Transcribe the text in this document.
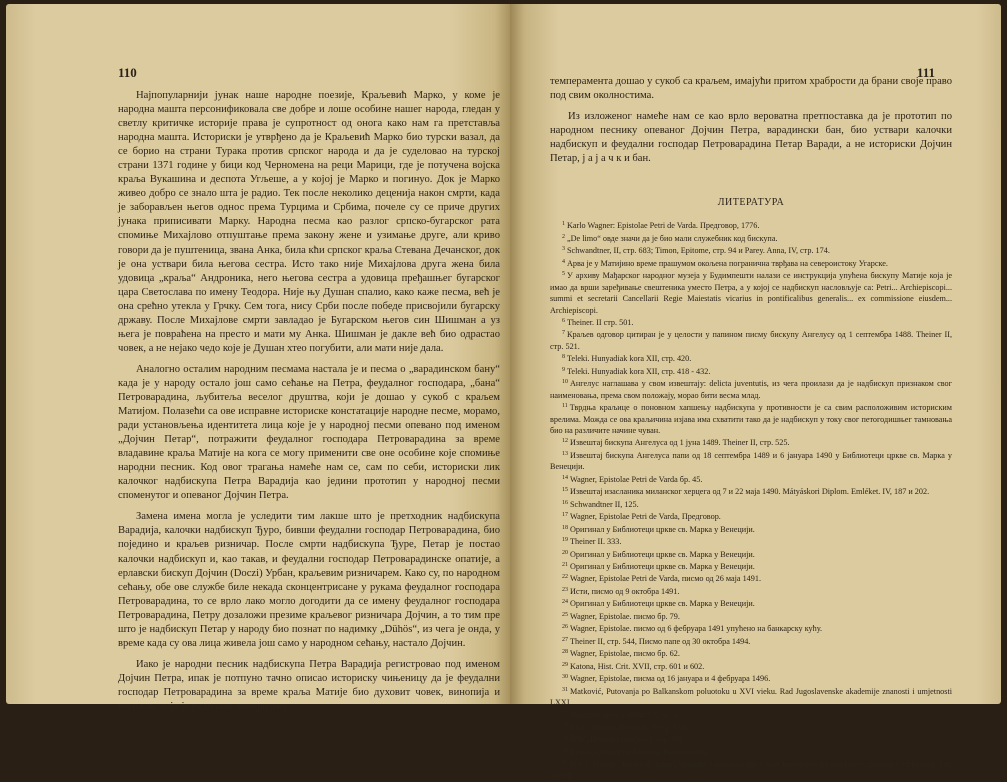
110

Најпопуларнији јунак наше народне поезије, Краљевић Марко, у коме је народна машта персонификовала све добре и лоше особине нашег народа, гледан у светлу критичке историје права је супротност од онога како нам га претставља народна машта. Историски је утврђено да је Краљевић Марко био турски вазал, да се борио на страни Турака против српског народа и да је суделовао на турској страни 1371 године у бици код Черномена на реци Марици, где је потучена војска краља Вукашина и деспота Угљеше, а у којој је Марко и погинуо. Док је Марко живео добро се знало шта је радио. Тек после неколико деценија након смрти, када је заборављен његов однос према Турцима и Србима, почеле су се приче других јунака приписивати Марку. Народна песма као разлог српско-бугарског рата спомиње Михајлово отпуштање према закону жене и узимање друге, али криво говори да је пуштеница, звана Анка, била кћи српског краља Стевана Дечанског, док је она уствари била његова сестра. Исто тако није Михајлова друга жена била удовица „краља“ Андроника, него његова сестра а удовица пређашњег бугарског цара Светослава по имену Теодора. Није њу Душан спалио, како каже песма, већ је она срећно утекла у Грчку. Сем тога, нису Срби после победе присвојили бугарску државу. После Михајлове смрти завладао је Бугарском његов син Шишман а уз њега је повраћена на престо и мати му Анка. Шишман је дакле већ био одрастао човек, а не нејако чедо које је Душан хтео погубити, али мати није дала.

Аналогно осталим народним песмама настала је и песма о „варадинском бану“ када је у народу остало још само сећање на Петра, феудалног господара, „бана“ Петроварадина, љубитеља веселог друштва, који је дошао у сукоб с краљем Матијом. Полазећи са ове исправне историске констатације народне песме, морамо, ради установљења идентитета лица које је у народној песми опевано под именом „Дојчин Петар“, потражити феудалног господара Петроварадина за време владавине краља Матије на кога се могу применити све оне особине које спомиње народни песник. Код овог трагања намеће нам се, сам по себи, историски лик калочког надбискупа Петра Варадија као једини прототип у народној песми споменутог и опеваног Дојчин Петра.

Замена имена могла је уследити тим лакше што је претходник надбискупа Варадија, калочки надбискуп Ђуро, бивши феудални господар Петроварадина, био поједино и краљев ризничар. После смрти надбискупа Ђуре, Петар је постао калочки надбискуп и, као такав, и феудални господар Петроварадинске опатије, а ерлавски бискуп Дојчин (Doczi) Урбан, краљевим ризничарем. Како су, по народном сећању, обе ове службе биле некада сконцентрисане у рукама феудалног господара Петроварадина, то се врло лако могло догодити да се имену феудалног господара Петроварадина, Петру дозаложи презиме краљевог ризничара Дојчин, а то тим пре што је надбискуп Петар у народу био познат по надимку „Dühös“, из чега је онда, у време када су ова лица живела још само у народном сећању, настало Дојчин.

Иако је народни песник надбискупа Петра Варадија регистровао под именом Дојчин Петра, ипак је потпуно тачно описао историску чињеницу да је феудални господар Петроварадина за време краља Матије био духовит човек, винопија и весељак, који је ради свог колеричног

111

темперамента дошао у сукоб са краљем, имајући притом храбрости да брани своје право под свим околностима.

Из изложеног намеће нам се као врло вероватна претпоставка да је прототип по народном песнику опеваног Дојчин Петра, варадински бан, био уствари калочки надбискуп и феудални господар Петроварадина Петар Варади, а не историски Дојчин Петар, ј а ј а ч к и бан.

ЛИТЕРАТУРА
$^1$ Karlo Wagner: Epistolae Petri de Varda. Предговор, 1776.
$^2$ „De limo“ овде значи да је био мали служебник код бискупа.
$^3$ Schwandtner, II, стр. 683; Timon, Epitome, стр. 94 и Parey. Anna, IV, стр. 174.
$^4$ Арва је у Матијино време прашумом окољена погранична тврђава на североистоку Угарске.
$^5$ У архиву Мађарског народног музеја у Будимпешти налази се инструкција упућена бискупу Матије која је имао да врши заређивање свештеника уместо Петра, а у којој се надбискуп насловљује са: Petri... Archiepiscopi... summi et secretarii Cancellarii Regie Maiestatis vicarius in pontificalibus generalis... ex commissione eiusdem... Archiepiscopi.
$^6$ Theiner. II стр. 501.
$^7$ Краљев одговор цитиран је у целости у папином писму бискупу Ангелусу од 1 септембра 1488. Theiner II, стр. 521.
$^8$ Teleki. Hunyadiak kora XII, стр. 420.
$^9$ Teleki. Hunyadiak kora XII, стр. 418 - 432.
$^{10}$ Ангелус наглашава у свом извештају: delicta juventutis, из чега проилази да је надбискуп признаком свог наименовања, према свом положају, морао бити весма млад.
$^{11}$ Тврдња краљице о поновном хапшењу надбискупа у противности је са свим расположивим историским врелима. Можда се ова краљичина изјава има схватити тако да је надбискуп у току свог петогодишњег тамновања био на различите начине чуван.
$^{12}$ Извештај бискупа Ангелуса од 1 јуна 1489. Theiner II, стр. 525.
$^{13}$ Извештај бискупа Ангелуса папи од 18 септембра 1489 и 6 јануара 1490 у Библиотеци цркве св. Марка у Венецији.
$^{14}$ Wagner, Epistolae Petri de Varda бр. 45.
$^{15}$ Извештај изасланика миланског херцега од 7 и 22 маја 1490. Mátyáskori Diplom. Emléket. IV, 187 и 202.
$^{16}$ Schwandtner II, 125.
$^{17}$ Wagner, Epistolae Petri de Varda, Предговор.
$^{18}$ Оригинал у Библиотеци цркве св. Марка у Венецији.
$^{19}$ Theiner II. 333.
$^{20}$ Оригинал у Библиотеци цркве св. Марка у Венецији.
$^{21}$ Оригинал у Библиотеци цркве св. Марка у Венецији.
$^{22}$ Wagner, Epistolae Petri de Varda, писмо од 26 маја 1491.
$^{23}$ Исти, писмо од 9 октобра 1491.
$^{24}$ Оригинал у Библиотеци цркве св. Марка у Венецији.
$^{25}$ Wagner, Epistolae. писмо бр. 79.
$^{26}$ Wagner, Epistolae. писмо од 6 фебруара 1491 упућено на банкарску кућу.
$^{27}$ Theiner II, стр. 544, Писмо папе од 30 октобра 1494.
$^{28}$ Wagner, Epistolae, писмо бр. 62.
$^{29}$ Katona, Hist. Crit. XVII, стр. 601 и 602.
$^{30}$ Wagner, Epistolae, писма од 16 јануара и 4 фебруара 1496.
$^{31}$ Matković, Putovanja po Balkanskom poluotoku u XVI vieku. Rad Jugoslavenske akademije znanosti i umjetnosti LXXI.
$^{32}$ Фрушкогорац, годиште I, бр. 3.
$^{33}$ Klaić, Povjest Hrvata II, 3 стр. 158.
$^{34}$ Šišić, Hrvatska povijest I, стр. 188.
$^{35}$ Kovač, Odlomci iz historije Petrovaradina.
$^{36}$ D-r T. Maretić, Kosovski junaci, događaji i narodnoj epici. Rad Jugoslavenske akademije znanosti i umjetnosti, knj. XCVII.
